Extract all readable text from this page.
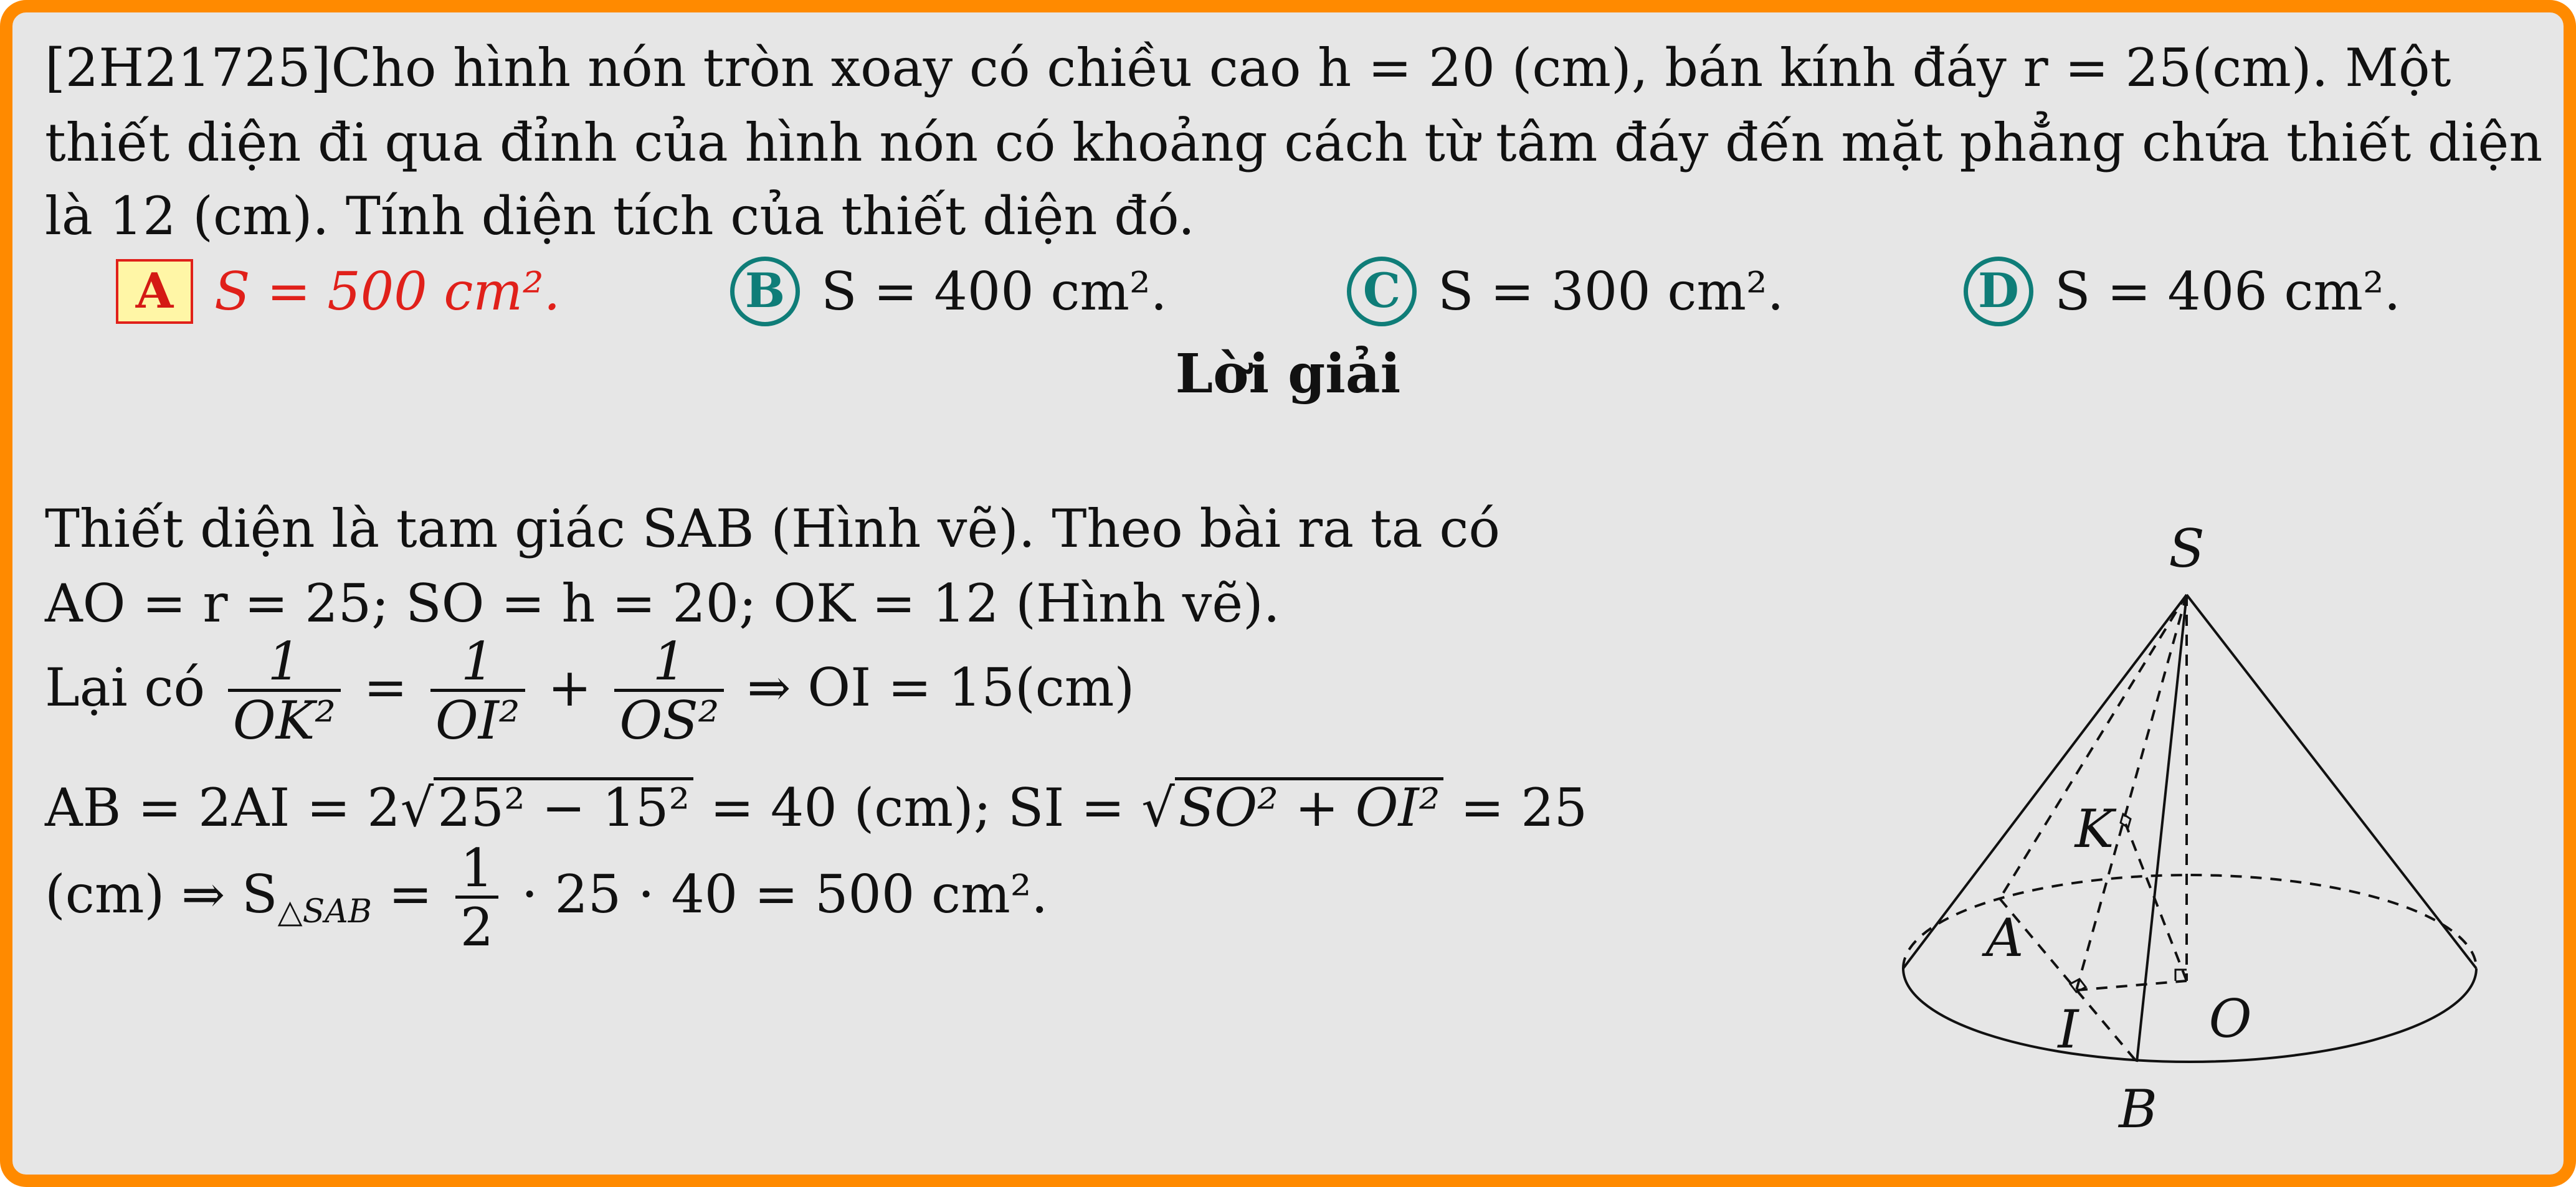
[2H21725]Cho hình nón tròn xoay có chiều cao h = 20 (cm), bán kính đáy r = 25(cm). Một
thiết diện đi qua đỉnh của hình nón có khoảng cách từ tâm đáy đến mặt phẳng chứa thiết diện
là 12 (cm). Tính diện tích của thiết diện đó.
A S = 500 cm².	B S = 400 cm².	C S = 300 cm².	D S = 406 cm².
Lời giải
Thiết diện là tam giác SAB (Hình vẽ). Theo bài ra ta có
AO = r = 25; SO = h = 20; OK = 12 (Hình vẽ).
Lại có $\frac{1}{\text{OK²}} = \frac{1}{\text{OI²}} + \frac{1}{\text{OS²}}$ ⇒ OI = 15(cm)
AB = 2AI = 2√25² − 15² = 40 (cm); SI = √SO² + OI² = 25
(cm) ⇒ $S_{\triangle SAB} = \frac{1}{2} \cdot 25 \cdot 40 = 500$ cm².
S
K
A
I O
B
